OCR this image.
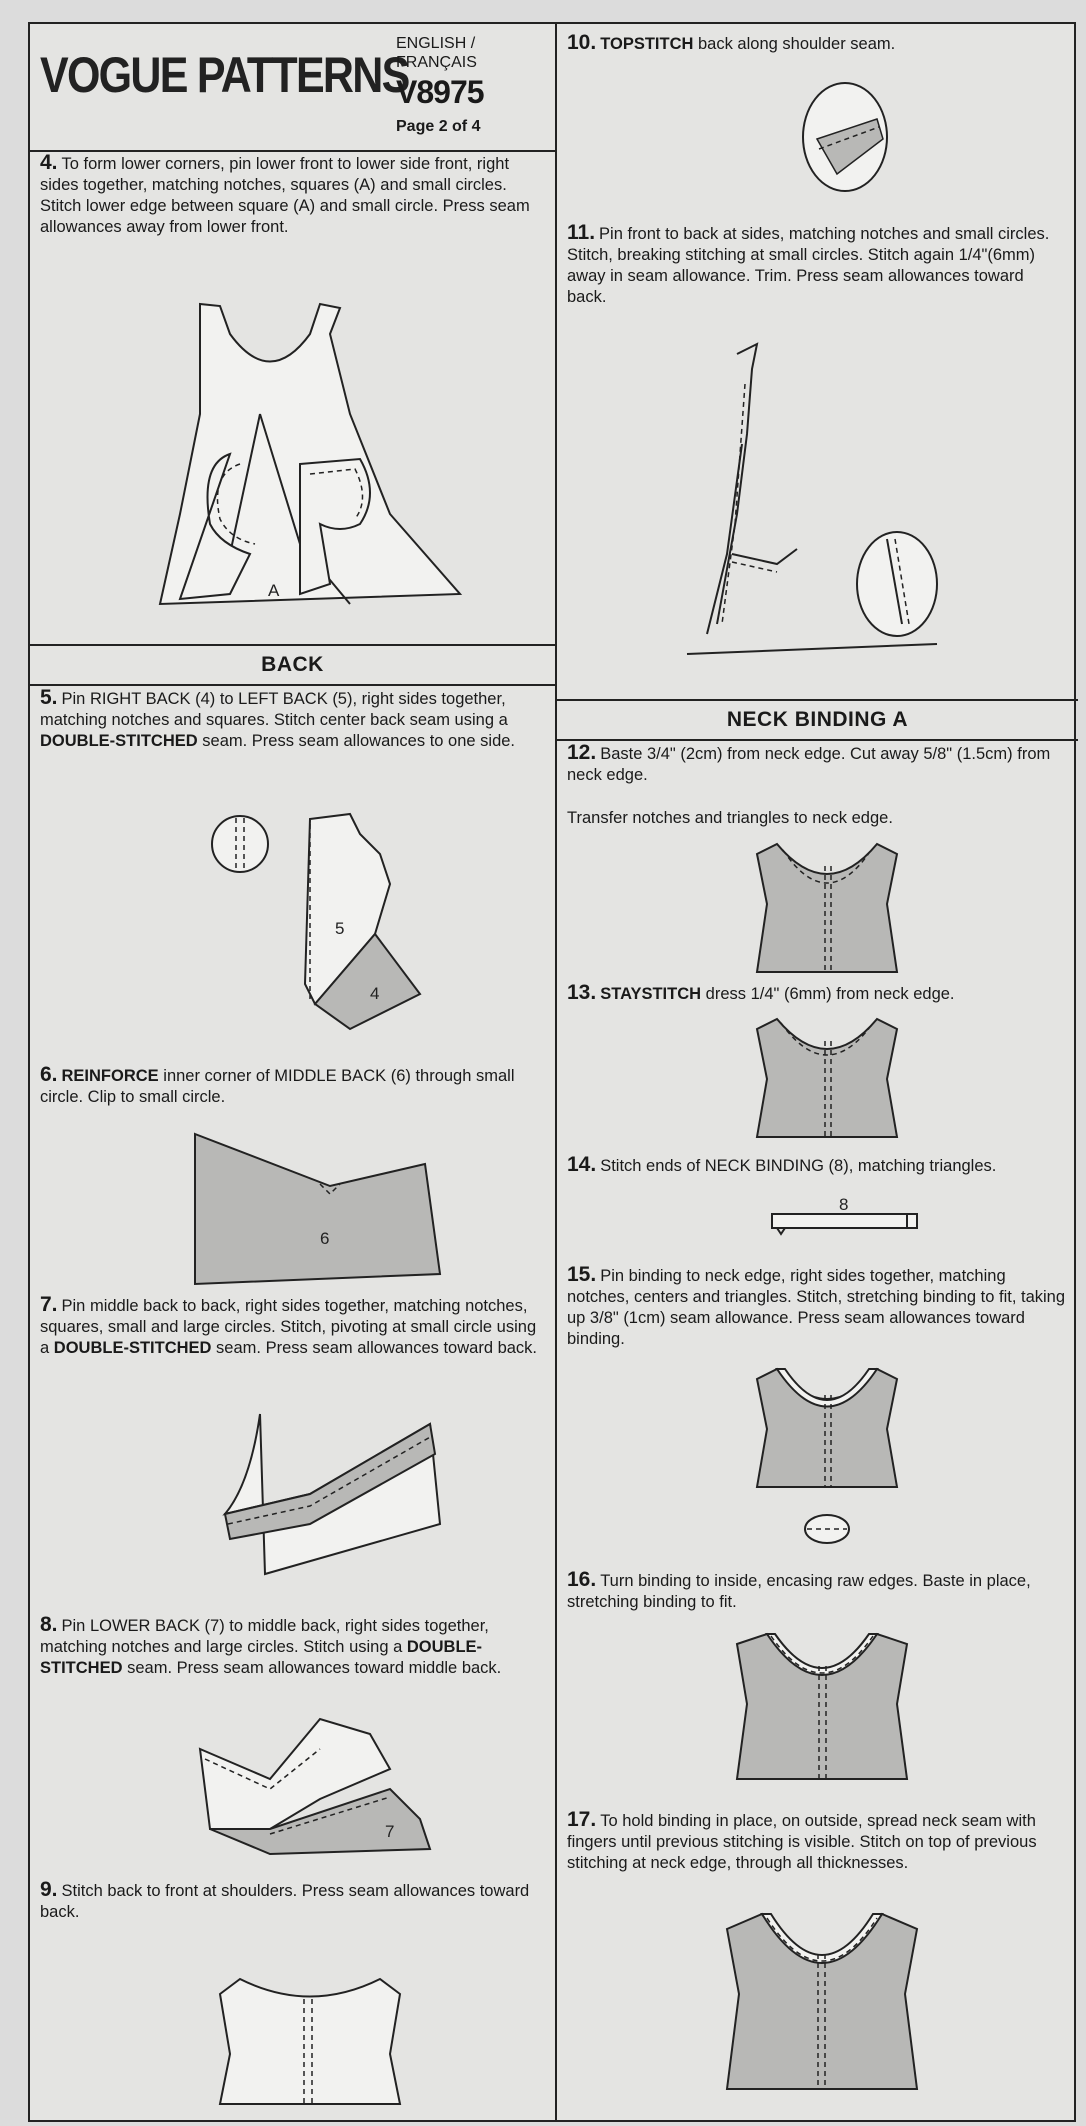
VOGUE PATTERNS
ENGLISH /
FRANÇAIS
V8975
Page 2 of 4
4. To form lower corners, pin lower front to lower side front, right sides together, matching notches, squares (A) and small circles. Stitch lower edge between square (A) and small circle. Press seam allowances away from lower front.
A
BACK
5. Pin RIGHT BACK (4) to LEFT BACK (5), right sides together, matching notches and squares. Stitch center back seam using a DOUBLE-STITCHED seam. Press seam allowances to one side.
5
4
6. REINFORCE inner corner of MIDDLE BACK (6) through small circle. Clip to small circle.
6
7. Pin middle back to back, right sides together, matching notches, squares, small and large circles. Stitch, pivoting at small circle using a DOUBLE-STITCHED seam. Press seam allowances toward back.
8. Pin LOWER BACK (7) to middle back, right sides together, matching notches and large circles. Stitch using a DOUBLE-STITCHED seam. Press seam allowances toward middle back.
7
9. Stitch back to front at shoulders. Press seam allowances toward back.
10. TOPSTITCH back along shoulder seam.
11. Pin front to back at sides, matching notches and small circles. Stitch, breaking stitching at small circles. Stitch again 1/4"(6mm) away in seam allowance. Trim. Press seam allowances toward back.
NECK BINDING A
12. Baste 3/4" (2cm) from neck edge. Cut away 5/8" (1.5cm) from neck edge.
Transfer notches and triangles to neck edge.
13. STAYSTITCH dress 1/4" (6mm) from neck edge.
14. Stitch ends of NECK BINDING (8), matching triangles.
8
15. Pin binding to neck edge, right sides together, matching notches, centers and triangles. Stitch, stretching binding to fit, taking up 3/8" (1cm) seam allowance. Press seam allowances toward binding.
16. Turn binding to inside, encasing raw edges. Baste in place, stretching binding to fit.
17. To hold binding in place, on outside, spread neck seam with fingers until previous stitching is visible. Stitch on top of previous stitching at neck edge, through all thicknesses.
